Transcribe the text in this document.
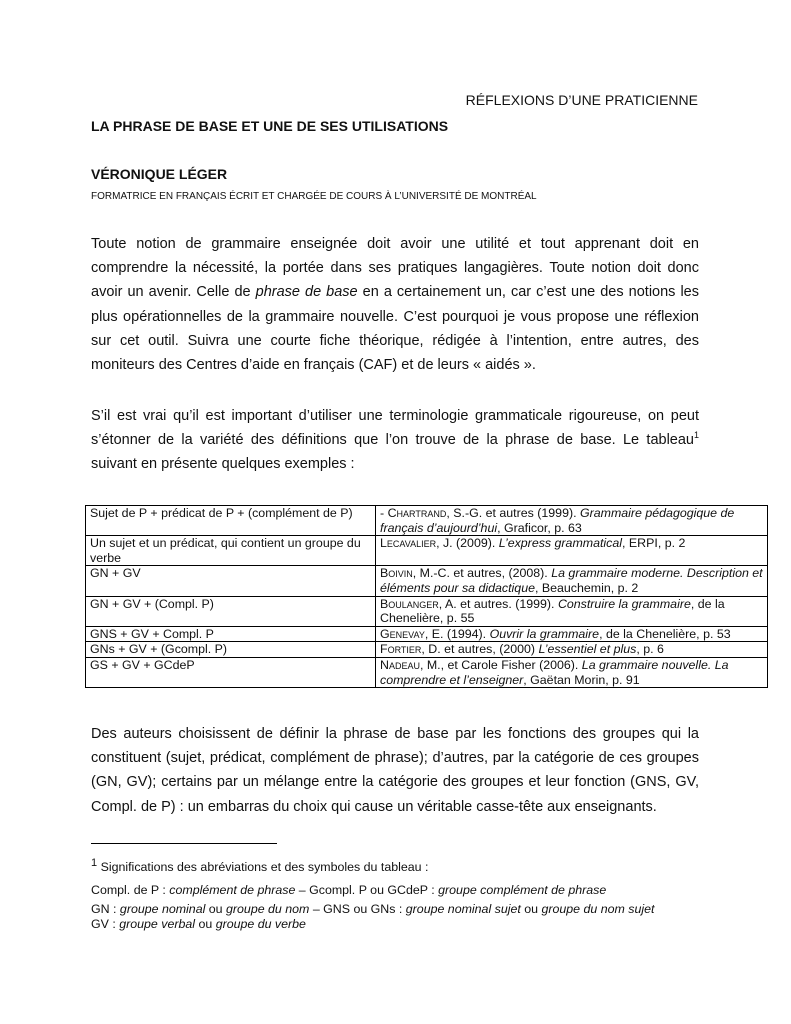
RÉFLEXIONS D’UNE PRATICIENNE
LA PHRASE DE BASE ET UNE DE SES UTILISATIONS
VÉRONIQUE LÉGER
FORMATRICE EN FRANÇAIS ÉCRIT ET CHARGÉE DE COURS À L’UNIVERSITÉ DE MONTRÉAL
Toute notion de grammaire enseignée doit avoir une utilité et tout apprenant doit en comprendre la nécessité, la portée dans ses pratiques langagières. Toute notion doit donc avoir un avenir. Celle de phrase de base en a certainement un, car c’est une des notions les plus opérationnelles de la grammaire nouvelle. C’est pourquoi je vous propose une réflexion sur cet outil. Suivra une courte fiche théorique, rédigée à l’intention, entre autres, des moniteurs des Centres d’aide en français (CAF) et de leurs « aidés ».
S’il est vrai qu’il est important d’utiliser une terminologie grammaticale rigoureuse, on peut s’étonner de la variété des définitions que l’on trouve de la phrase de base. Le tableau$^1$ suivant en présente quelques exemples :
Sujet de P + prédicat de P + (complément de P)	- Chartrand, S.-G. et autres (1999). Grammaire pédagogique de français d’aujourd’hui, Graficor, p. 63
Un sujet et un prédicat, qui contient un groupe du verbe	Lecavalier, J. (2009). L’express grammatical, ERPI, p. 2
GN + GV	Boivin, M.-C. et autres, (2008). La grammaire moderne. Description et éléments pour sa didactique, Beauchemin, p. 2
GN + GV + (Compl. P)	Boulanger, A. et autres. (1999). Construire la grammaire, de la Chenelière, p. 55
GNS + GV + Compl. P	Genevay, E. (1994). Ouvrir la grammaire, de la Chenelière, p. 53
GNs + GV + (Gcompl. P)	Fortier, D. et autres, (2000) L’essentiel et plus, p. 6
GS + GV + GCdeP	Nadeau, M., et Carole Fisher (2006). La grammaire nouvelle. La comprendre et l’enseigner, Gaëtan Morin, p. 91
Des auteurs choisissent de définir la phrase de base par les fonctions des groupes qui la constituent (sujet, prédicat, complément de phrase); d’autres, par la catégorie de ces groupes (GN, GV); certains par un mélange entre la catégorie des groupes et leur fonction (GNS, GV, Compl. de P) : un embarras du choix qui cause un véritable casse-tête aux enseignants.
$^1$ Significations des abréviations et des symboles du tableau :
Compl. de P : complément de phrase – Gcompl. P ou GCdeP : groupe complément de phrase
GN : groupe nominal ou groupe du nom – GNS ou GNs : groupe nominal sujet ou groupe du nom sujet
GV : groupe verbal ou groupe du verbe
